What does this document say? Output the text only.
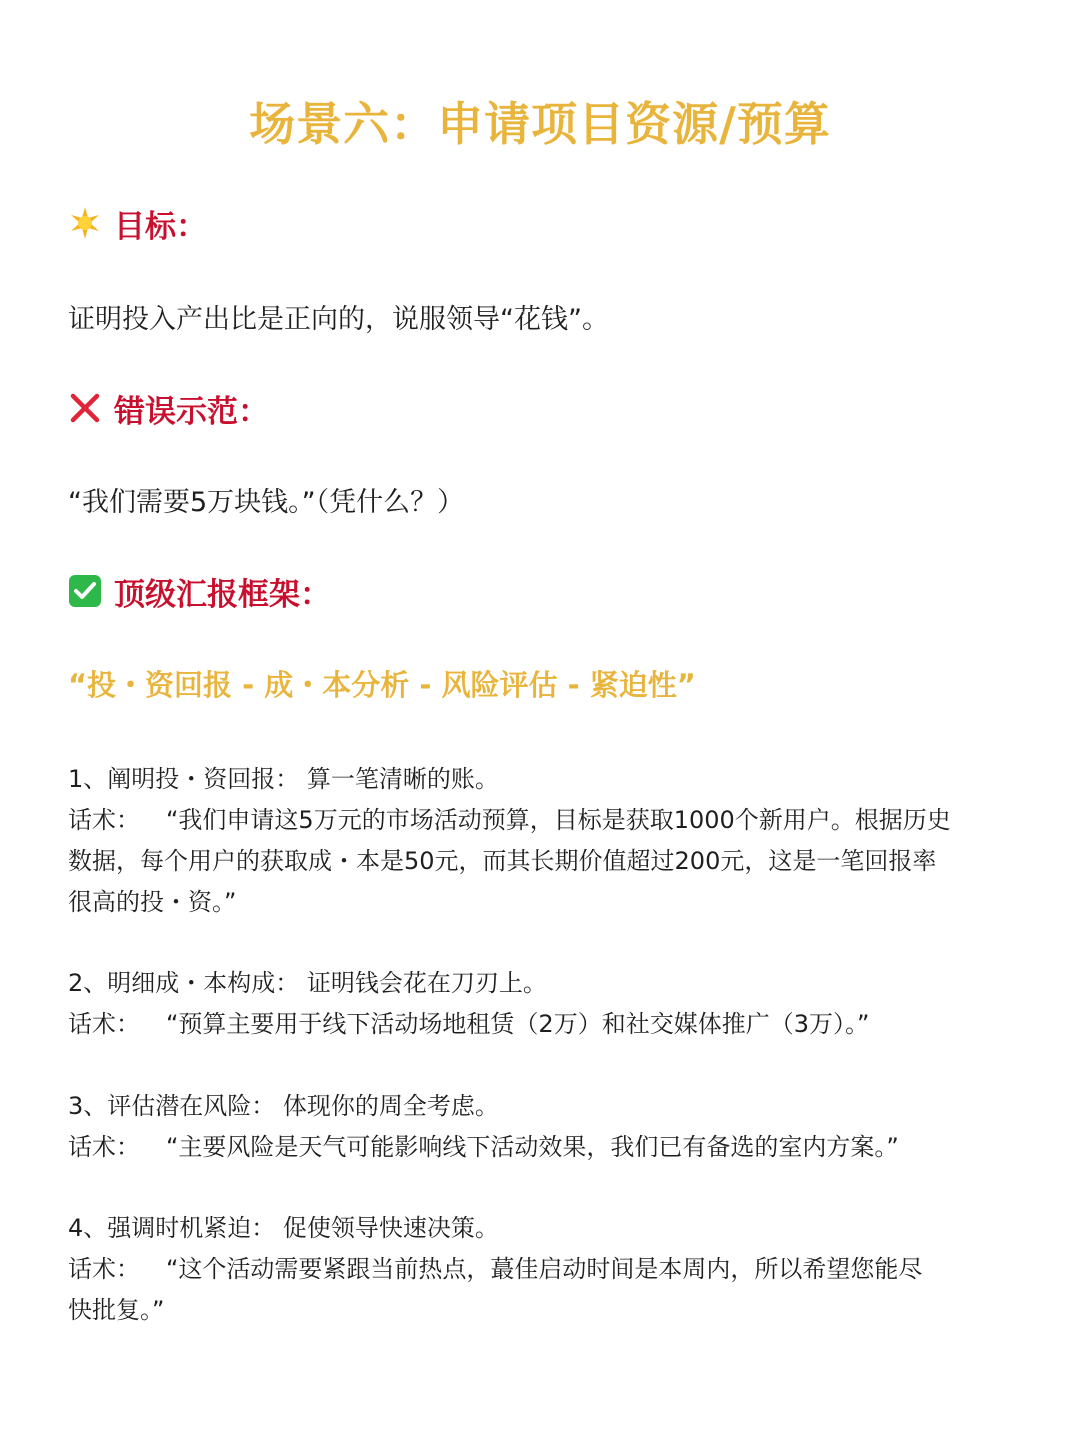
场景六：申请项目资源/预算
目标：
证明投入产出比是正向的，说服领导“花钱”。
错误示范：
“我们需要5万块钱。”（凭什么？）
顶级汇报框架：
“投・资回报 - 成・本分析 - 风险评估 - 紧迫性”
1、阐明投・资回报： 算一笔清晰的账。
话术： “我们申请这5万元的市场活动预算，目标是获取1000个新用户。根据历史
数据，每个用户的获取成・本是50元，而其长期价值超过200元，这是一笔回报率
很高的投・资。”
2、明细成・本构成： 证明钱会花在刀刃上。
话术： “预算主要用于线下活动场地租赁（2万）和社交媒体推广（3万）。”
3、评估潜在风险： 体现你的周全考虑。
话术： “主要风险是天气可能影响线下活动效果，我们已有备选的室内方案。”
4、强调时机紧迫： 促使领导快速决策。
话术： “这个活动需要紧跟当前热点，蕞佳启动时间是本周内，所以希望您能尽
快批复。”
